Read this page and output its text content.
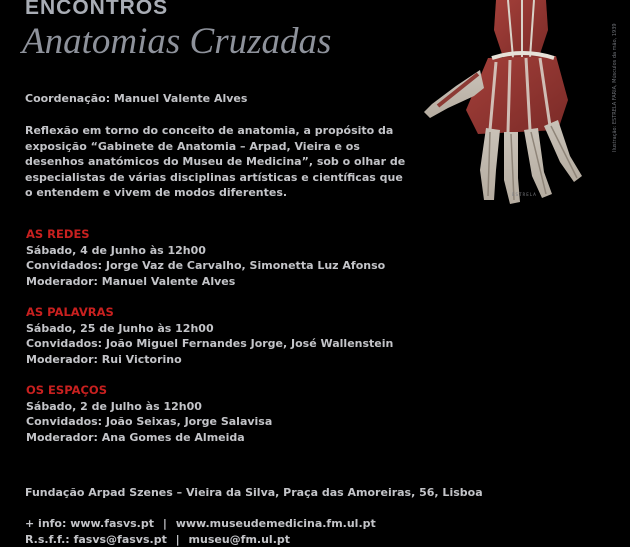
ENCONTROS
Anatomias Cruzadas
Coordenação: Manuel Valente Alves
Reflexão em torno do conceito de anatomia, a propósito da
exposição “Gabinete de Anatomia – Arpad, Vieira e os
desenhos anatómicos do Museu de Medicina”, sob o olhar de
especialistas de várias disciplinas artísticas e científicas que
o entendem e vivem de modos diferentes.
AS REDES
Sábado, 4 de Junho às 12h00
Convidados: Jorge Vaz de Carvalho, Simonetta Luz Afonso
Moderador: Manuel Valente Alves
AS PALAVRAS
Sábado, 25 de Junho às 12h00
Convidados: João Miguel Fernandes Jorge, José Wallenstein
Moderador: Rui Victorino
OS ESPAÇOS
Sábado, 2 de Julho às 12h00
Convidados: João Seixas, Jorge Salavisa
Moderador: Ana Gomes de Almeida
Fundação Arpad Szenes – Vieira da Silva, Praça das Amoreiras, 56, Lisboa
+ info: www.fasvs.pt | www.museudemedicina.fm.ul.pt
R.s.f.f.: fasvs@fasvs.pt | museu@fm.ul.pt
ESTRELA
Ilustração: ESTRELA FARIA, Músculos da mão, 1939
